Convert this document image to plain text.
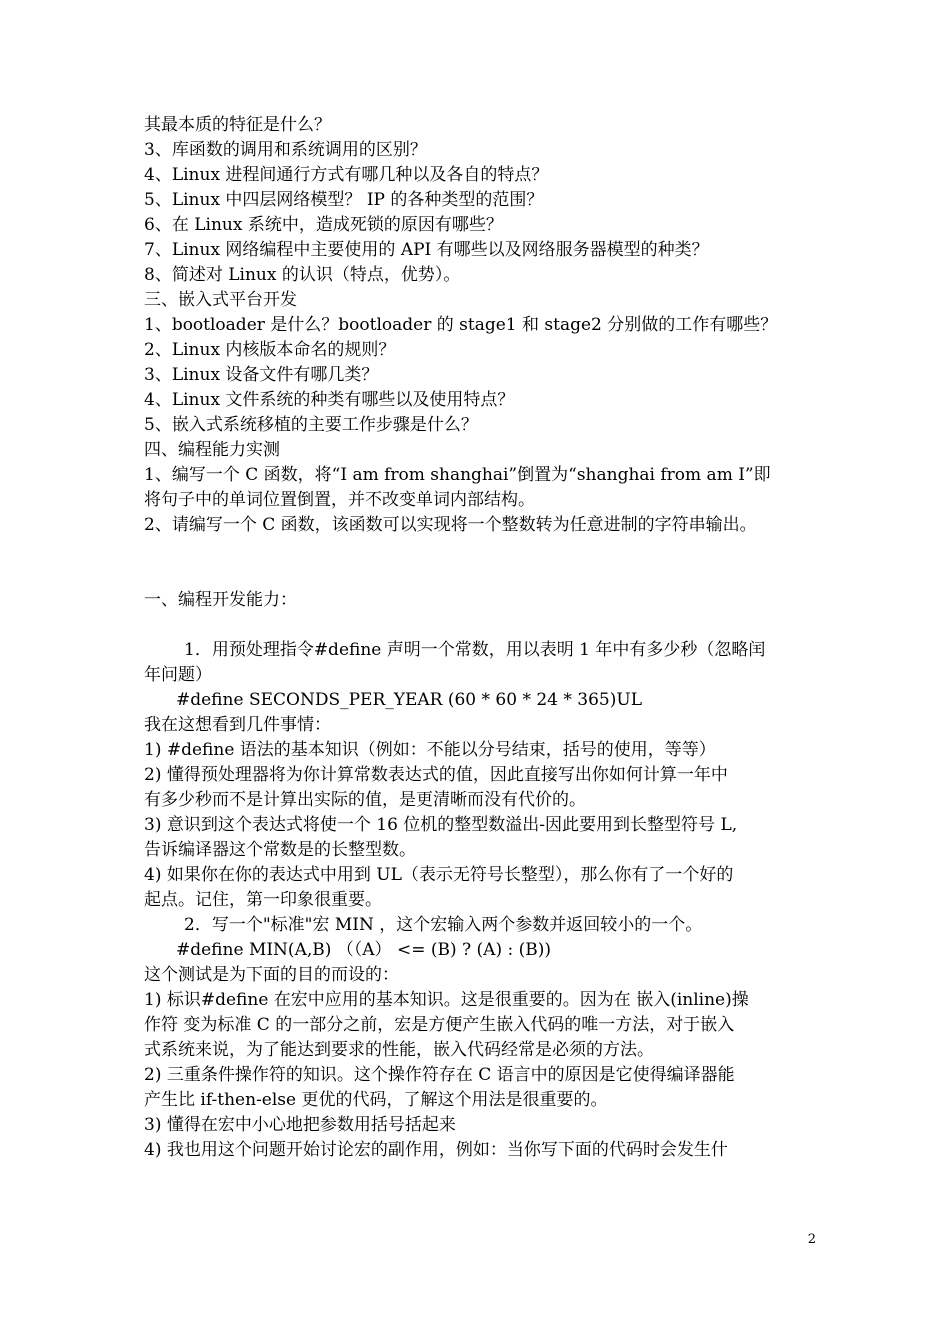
其最本质的特征是什么？
3、库函数的调用和系统调用的区别？
4、Linux 进程间通行方式有哪几种以及各自的特点？
5、Linux 中四层网络模型？ IP 的各种类型的范围？
6、在 Linux 系统中，造成死锁的原因有哪些？
7、Linux 网络编程中主要使用的 API 有哪些以及网络服务器模型的种类？
8、简述对 Linux 的认识（特点，优势）。
三、嵌入式平台开发
1、bootloader 是什么？bootloader 的 stage1 和 stage2 分别做的工作有哪些？
2、Linux 内核版本命名的规则？
3、Linux 设备文件有哪几类？
4、Linux 文件系统的种类有哪些以及使用特点？
5、嵌入式系统移植的主要工作步骤是什么？
四、编程能力实测
1、编写一个 C 函数，将“I am from shanghai”倒置为“shanghai from am I”即
将句子中的单词位置倒置，并不改变单词内部结构。
2、请编写一个 C 函数，该函数可以实现将一个整数转为任意进制的字符串输出。
一、编程开发能力：
1．用预处理指令#define 声明一个常数，用以表明 1 年中有多少秒（忽略闰
年问题）
#define SECONDS_PER_YEAR (60 * 60 * 24 * 365)UL
我在这想看到几件事情：
1) #define 语法的基本知识（例如：不能以分号结束，括号的使用，等等）
2) 懂得预处理器将为你计算常数表达式的值，因此直接写出你如何计算一年中
有多少秒而不是计算出实际的值，是更清晰而没有代价的。
3) 意识到这个表达式将使一个 16 位机的整型数溢出-因此要用到长整型符号 L,
告诉编译器这个常数是的长整型数。
4) 如果你在你的表达式中用到 UL（表示无符号长整型），那么你有了一个好的
起点。记住，第一印象很重要。
2．写一个"标准"宏 MIN ，这个宏输入两个参数并返回较小的一个。
#define MIN(A,B) （（A） <= (B) ? (A) : (B))
这个测试是为下面的目的而设的：
1) 标识#define 在宏中应用的基本知识。这是很重要的。因为在 嵌入(inline)操
作符 变为标准 C 的一部分之前，宏是方便产生嵌入代码的唯一方法，对于嵌入
式系统来说，为了能达到要求的性能，嵌入代码经常是必须的方法。
2) 三重条件操作符的知识。这个操作符存在 C 语言中的原因是它使得编译器能
产生比 if-then-else 更优的代码，了解这个用法是很重要的。
3) 懂得在宏中小心地把参数用括号括起来
4) 我也用这个问题开始讨论宏的副作用，例如：当你写下面的代码时会发生什
2
